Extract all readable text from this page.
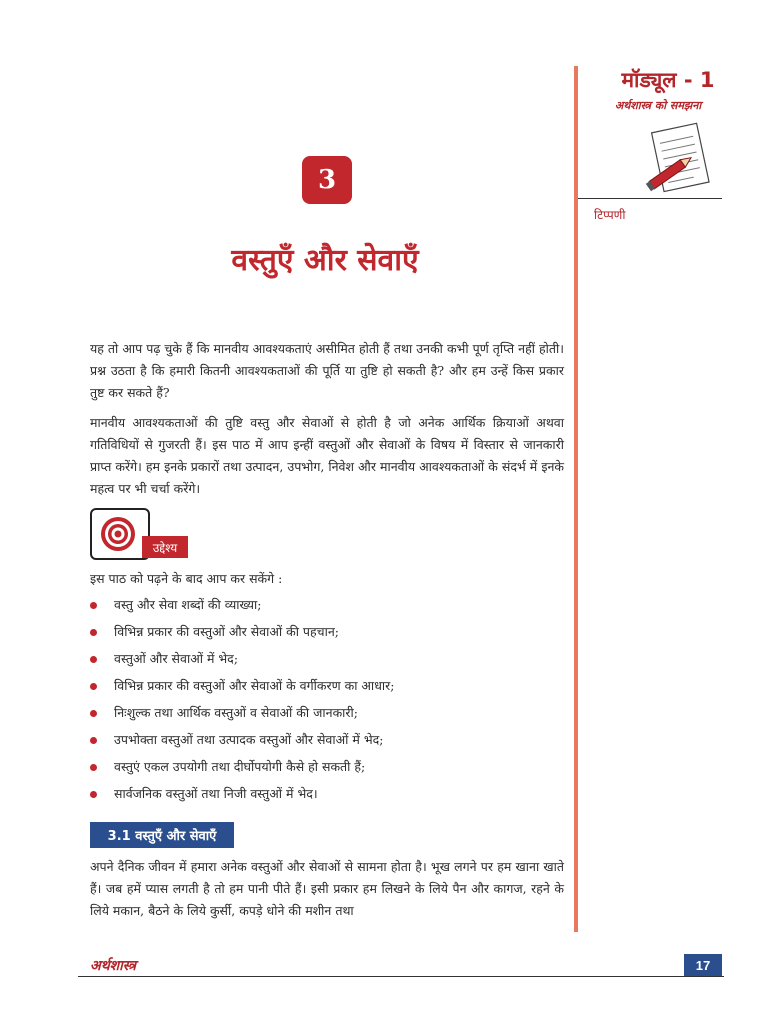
मॉड्यूल - 1
अर्थशास्त्र को समझना
टिप्पणी
3
वस्तुएँ और सेवाएँ

यह तो आप पढ़ चुके हैं कि मानवीय आवश्यकताएं असीमित होती हैं तथा उनकी कभी पूर्ण तृप्ति नहीं होती। प्रश्न उठता है कि हमारी कितनी आवश्यकताओं की पूर्ति या तुष्टि हो सकती है? और हम उन्हें किस प्रकार तुष्ट कर सकते हैं?

मानवीय आवश्यकताओं की तुष्टि वस्तु और सेवाओं से होती है जो अनेक आर्थिक क्रियाओं अथवा गतिविधियों से गुजरती हैं। इस पाठ में आप इन्हीं वस्तुओं और सेवाओं के विषय में विस्तार से जानकारी प्राप्त करेंगे। हम इनके प्रकारों तथा उत्पादन, उपभोग, निवेश और मानवीय आवश्यकताओं के संदर्भ में इनके महत्व पर भी चर्चा करेंगे।

उद्देश्य

इस पाठ को पढ़ने के बाद आप कर सकेंगे :

वस्तु और सेवा शब्दों की व्याख्या;
विभिन्न प्रकार की वस्तुओं और सेवाओं की पहचान;
वस्तुओं और सेवाओं में भेद;
विभिन्न प्रकार की वस्तुओं और सेवाओं के वर्गीकरण का आधार;
निःशुल्क तथा आर्थिक वस्तुओं व सेवाओं की जानकारी;
उपभोक्ता वस्तुओं तथा उत्पादक वस्तुओं और सेवाओं में भेद;
वस्तुएं एकल उपयोगी तथा दीर्घोपयोगी कैसे हो सकती हैं;
सार्वजनिक वस्तुओं तथा निजी वस्तुओं में भेद।
3.1 वस्तुएँ और सेवाएँ

अपने दैनिक जीवन में हमारा अनेक वस्तुओं और सेवाओं से सामना होता है। भूख लगने पर हम खाना खाते हैं। जब हमें प्यास लगती है तो हम पानी पीते हैं। इसी प्रकार हम लिखने के लिये पैन और कागज, रहने के लिये मकान, बैठने के लिये कुर्सी, कपड़े धोने की मशीन तथा

अर्थशास्त्र	17
